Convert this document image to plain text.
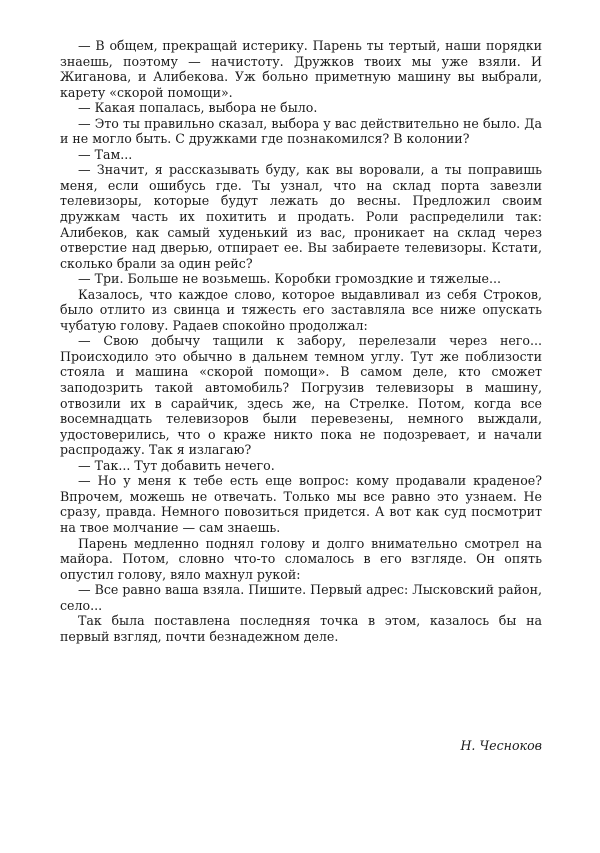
— В общем, прекращай истерику. Парень ты тертый, наши порядки знаешь, поэтому — начистоту. Дружков твоих мы уже взяли. И Жиганова, и Алибекова. Уж больно приметную машину вы выбрали, карету «скорой помощи».

— Какая попалась, выбора не было.

— Это ты правильно сказал, выбора у вас действительно не было. Да и не могло быть. С дружками где познакомился? В колонии?

— Там...

— Значит, я рассказывать буду, как вы воровали, а ты поправишь меня, если ошибусь где. Ты узнал, что на склад порта завезли телевизоры, которые будут лежать до весны. Предложил своим дружкам часть их похитить и продать. Роли распределили так: Алибеков, как самый худенький из вас, проникает на склад через отверстие над дверью, отпирает ее. Вы забираете телевизоры. Кстати, сколько брали за один рейс?

— Три. Больше не возьмешь. Коробки громоздкие и тяжелые...

Казалось, что каждое слово, которое выдавливал из себя Строков, было отлито из свинца и тяжесть его заставляла все ниже опускать чубатую голову. Радаев спокойно продолжал:

— Свою добычу тащили к забору, перелезали через него... Происходило это обычно в дальнем темном углу. Тут же поблизости стояла и машина «скорой помощи». В самом деле, кто сможет заподозрить такой автомобиль? Погрузив телевизоры в машину, отвозили их в сарайчик, здесь же, на Стрелке. Потом, когда все восемнадцать телевизоров были перевезены, немного выждали, удостоверились, что о краже никто пока не подозревает, и начали распродажу. Так я излагаю?

— Так... Тут добавить нечего.

— Но у меня к тебе есть еще вопрос: кому продавали краденое? Впрочем, можешь не отвечать. Только мы все равно это узнаем. Не сразу, правда. Немного повозиться придется. А вот как суд посмотрит на твое молчание — сам знаешь.

Парень медленно поднял голову и долго внимательно смотрел на майора. Потом, словно что-то сломалось в его взгляде. Он опять опустил голову, вяло махнул рукой:

— Все равно ваша взяла. Пишите. Первый адрес: Лысковский район, село...

Так была поставлена последняя точка в этом, казалось бы на первый взгляд, почти безнадежном деле.

Н. Чесноков
